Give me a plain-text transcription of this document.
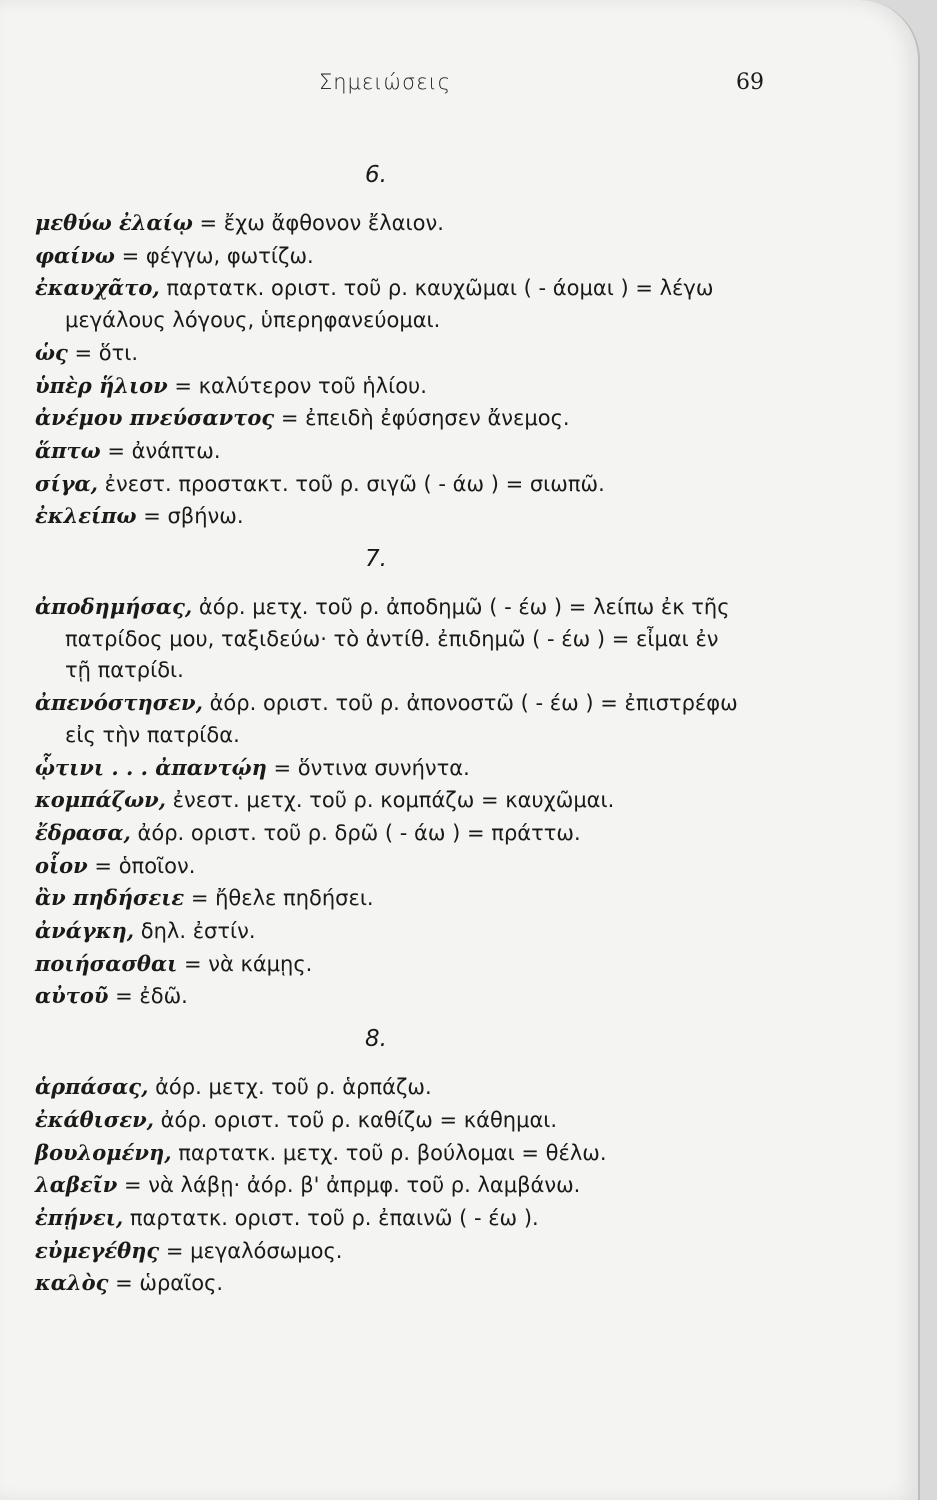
Σημειώσεις	69
6.
μεθύω ἐλαίῳ = ἔχω ἄφθονον ἔλαιον.
φαίνω = φέγγω, φωτίζω.
ἐκαυχᾶτο, παρτατκ. οριστ. τοῦ ρ. καυχῶμαι ( - άομαι ) = λέγω
μεγάλους λόγους, ὑπερηφανεύομαι.
ὡς = ὅτι.
ὑπὲρ ἥλιον = καλύτερον τοῦ ἡλίου.
ἀνέμου πνεύσαντος = ἐπειδὴ ἐφύσησεν ἄνεμος.
ἅπτω = ἀνάπτω.
σίγα, ἐνεστ. προστακτ. τοῦ ρ. σιγῶ ( - άω ) = σιωπῶ.
ἐκλείπω = σβήνω.
7.
ἀποδημήσας, ἀόρ. μετχ. τοῦ ρ. ἀποδημῶ ( - έω ) = λείπω ἐκ τῆς
πατρίδος μου, ταξιδεύω· τὸ ἀντίθ. ἐπιδημῶ ( - έω ) = εἶμαι ἐν
τῇ πατρίδι.
ἀπενόστησεν, ἀόρ. οριστ. τοῦ ρ. ἀπονοστῶ ( - έω ) = ἐπιστρέφω
εἰς τὴν πατρίδα.
ᾧτινι . . . ἀπαντῴη = ὅντινα συνήντα.
κομπάζων, ἐνεστ. μετχ. τοῦ ρ. κομπάζω = καυχῶμαι.
ἔδρασα, ἀόρ. οριστ. τοῦ ρ. δρῶ ( - άω ) = πράττω.
οἷον = ὁποῖον.
ἂν πηδήσειε = ἤθελε πηδήσει.
ἀνάγκη, δηλ. ἐστίν.
ποιήσασθαι = νὰ κάμῃς.
αὐτοῦ = ἐδῶ.
8.
ἁρπάσας, ἀόρ. μετχ. τοῦ ρ. ἁρπάζω.
ἐκάθισεν, ἀόρ. οριστ. τοῦ ρ. καθίζω = κάθημαι.
βουλομένη, παρτατκ. μετχ. τοῦ ρ. βούλομαι = θέλω.
λαβεῖν = νὰ λάβῃ· ἀόρ. β' ἀπρμφ. τοῦ ρ. λαμβάνω.
ἐπῄνει, παρτατκ. οριστ. τοῦ ρ. ἐπαινῶ ( - έω ).
εὐμεγέθης = μεγαλόσωμος.
καλὸς = ὡραῖος.
